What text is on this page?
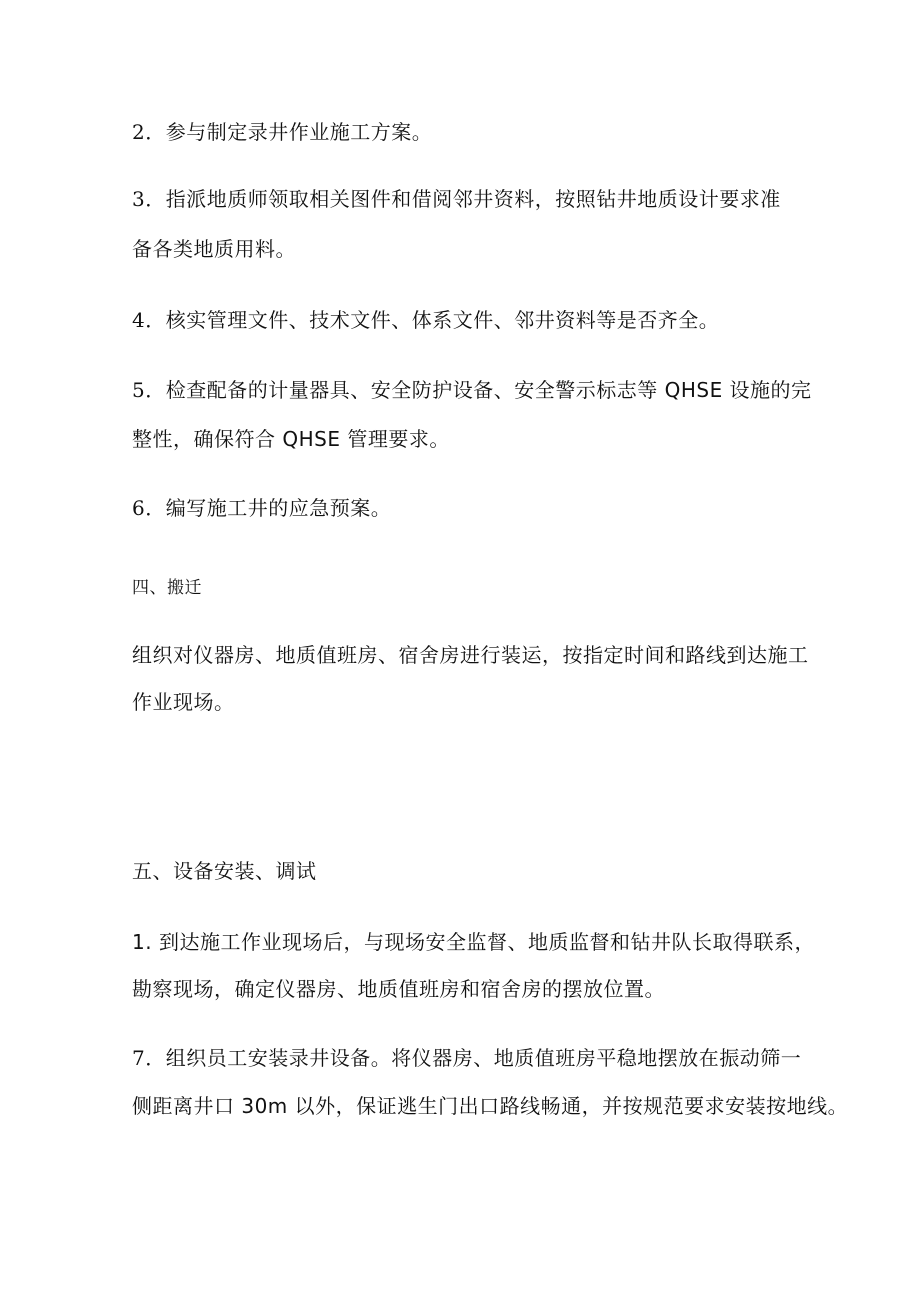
2．参与制定录井作业施工方案。
3．指派地质师领取相关图件和借阅邻井资料，按照钻井地质设计要求准
备各类地质用料。
4．核实管理文件、技术文件、体系文件、邻井资料等是否齐全。
5．检查配备的计量器具、安全防护设备、安全警示标志等 QHSE 设施的完
整性，确保符合 QHSE 管理要求。
6．编写施工井的应急预案。
四、搬迁
组织对仪器房、地质值班房、宿舍房进行装运，按指定时间和路线到达施工
作业现场。
五、设备安装、调试
1. 到达施工作业现场后，与现场安全监督、地质监督和钻井队长取得联系，
勘察现场，确定仪器房、地质值班房和宿舍房的摆放位置。
7．组织员工安装录井设备。将仪器房、地质值班房平稳地摆放在振动筛一
侧距离井口 30m 以外，保证逃生门出口路线畅通，并按规范要求安装按地线。
